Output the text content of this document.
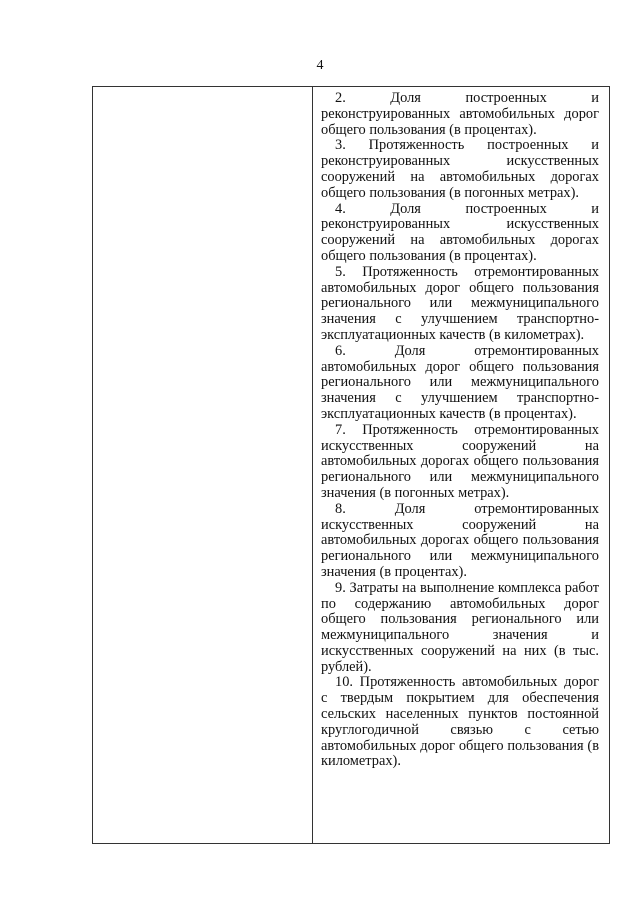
4

2. Доля построенных и реконструированных автомобильных дорог общего пользования (в процентах).

3. Протяженность построенных и реконструированных искусственных сооружений на автомобильных дорогах общего пользования (в погонных метрах).

4. Доля построенных и реконструированных искусственных сооружений на автомобильных дорогах общего пользования (в процентах).

5. Протяженность отремонтированных автомобильных дорог общего пользования регионального или межмуниципального значения с улучшением транспортно-эксплуатационных качеств (в километрах).

6. Доля отремонтированных автомобильных дорог общего пользования регионального или межмуниципального значения с улучшением транспортно-эксплуатационных качеств (в процентах).

7. Протяженность отремонтированных искусственных сооружений на автомобильных дорогах общего пользования регионального или межмуниципального значения (в погонных метрах).

8. Доля отремонтированных искусственных сооружений на автомобильных дорогах общего пользования регионального или межмуниципального значения (в процентах).

9. Затраты на выполнение комплекса работ по содержанию автомобильных дорог общего пользования регионального или межмуниципального значения и искусственных сооружений на них (в тыс. рублей).

10. Протяженность автомобильных дорог с твердым покрытием для обеспечения сельских населенных пунктов постоянной круглогодичной связью с сетью автомобильных дорог общего пользования (в километрах).
